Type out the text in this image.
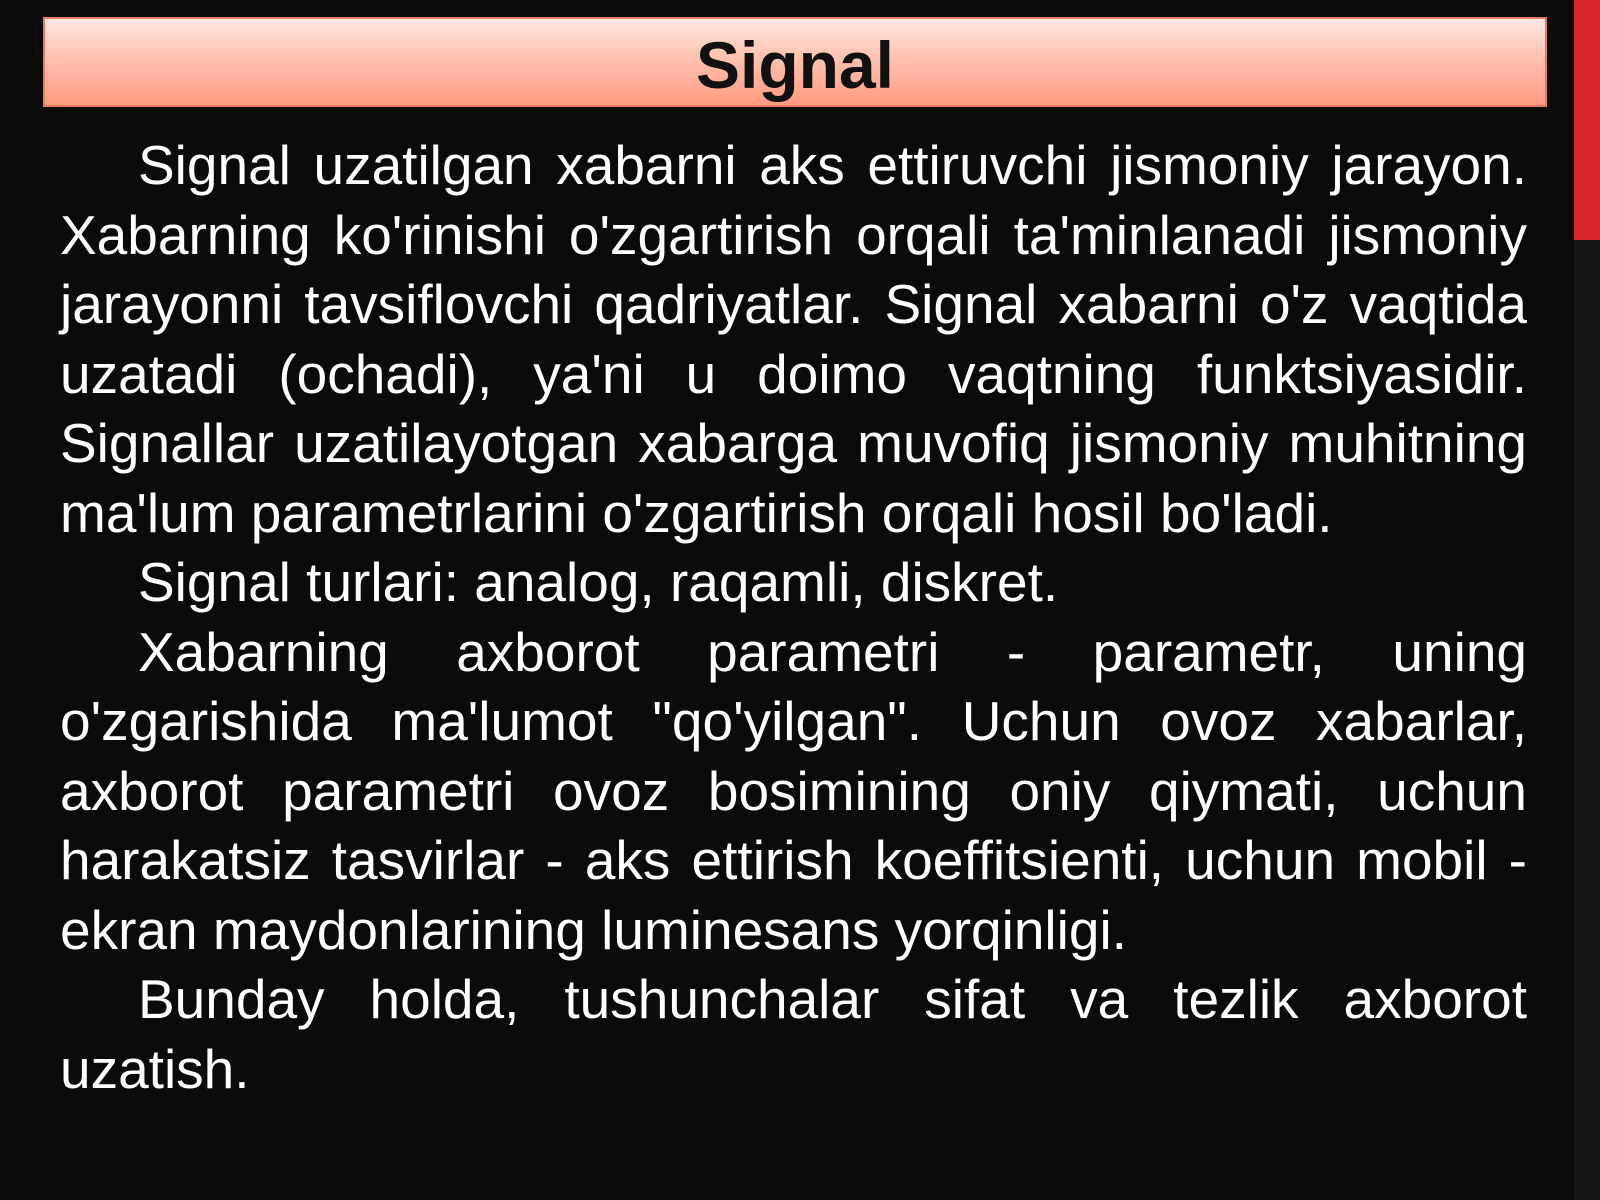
Signal

Signal uzatilgan xabarni aks ettiruvchi jismoniy jarayon. Xabarning ko'rinishi o'zgartirish orqali ta'minlanadi jismoniy jarayonni tavsiflovchi qadriyatlar. Signal xabarni o'z vaqtida uzatadi (ochadi), ya'ni u doimo vaqtning funktsiyasidir. Signallar uzatilayotgan xabarga muvofiq jismoniy muhitning ma'lum parametrlarini o'zgartirish orqali hosil bo'ladi.

Signal turlari: analog, raqamli, diskret.

Xabarning axborot parametri - parametr, uning o'zgarishida ma'lumot "qo'yilgan". Uchun ovoz xabarlar, axborot parametri ovoz bosimining oniy qiymati, uchun harakatsiz tasvirlar - aks ettirish koeffitsienti, uchun mobil - ekran maydonlarining luminesans yorqinligi.

Bunday holda, tushunchalar sifat va tezlik axborot uzatish.
